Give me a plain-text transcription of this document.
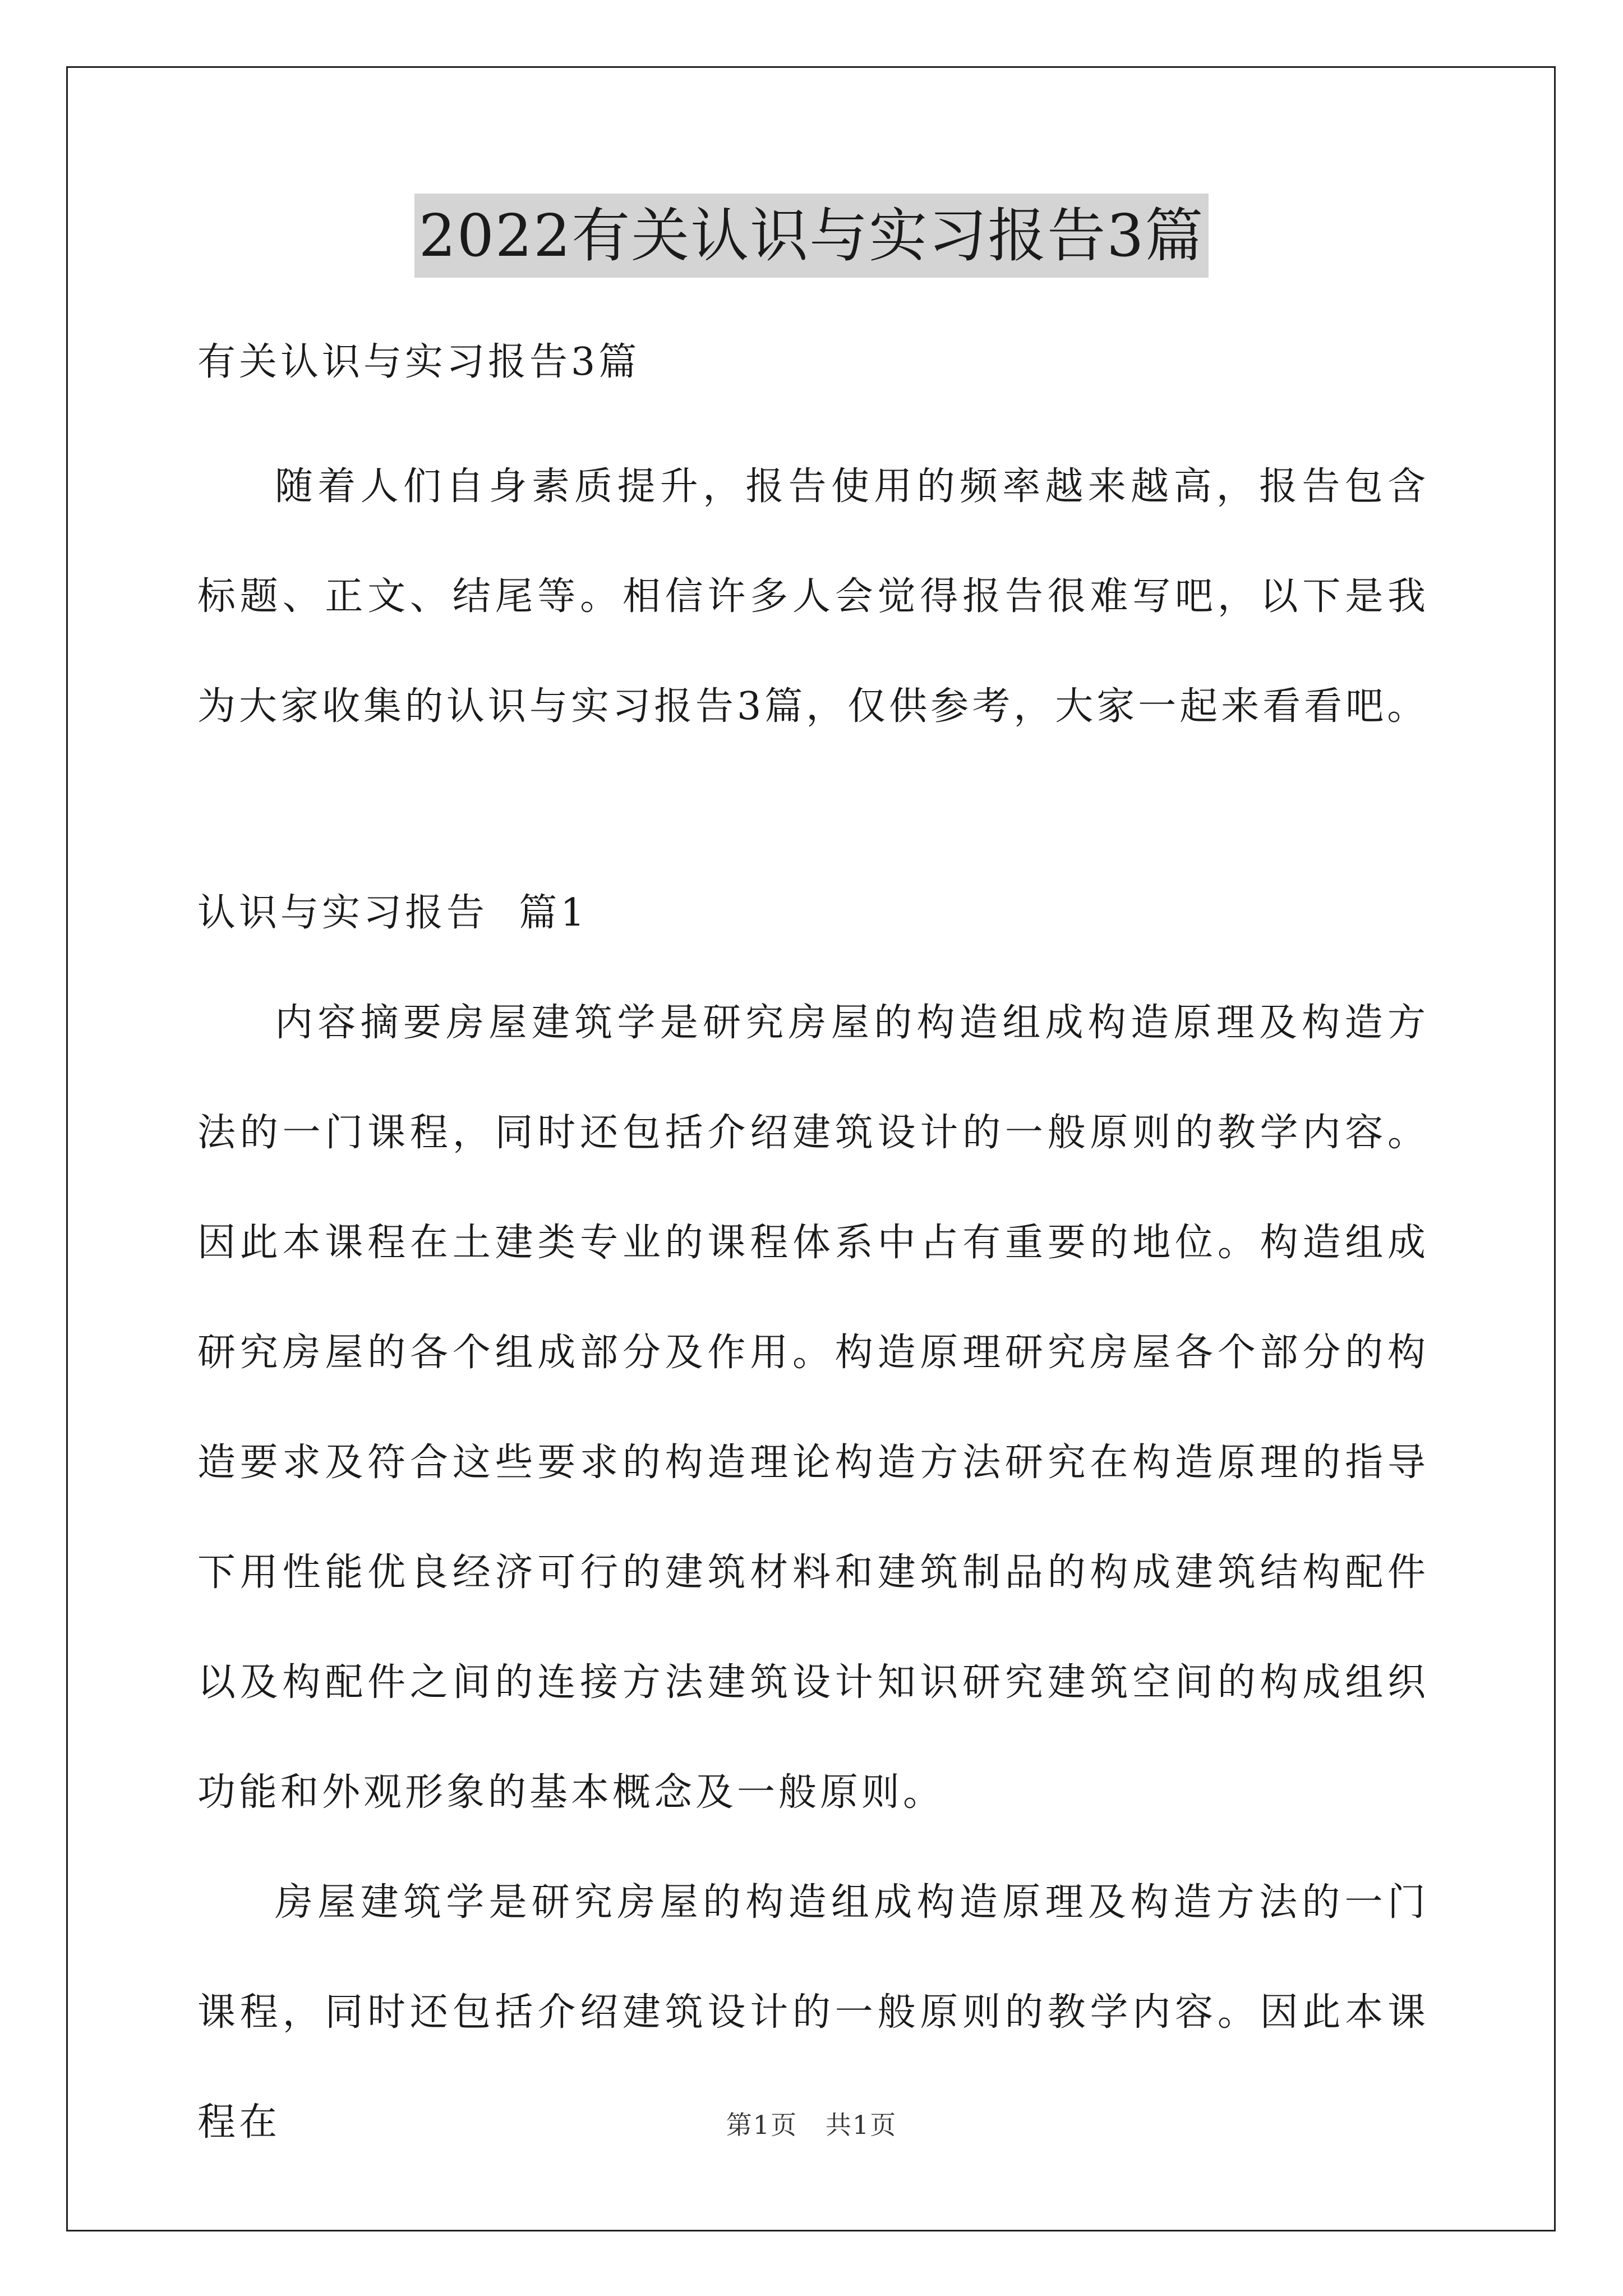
2022有关认识与实习报告3篇

有关认识与实习报告3篇

随着人们自身素质提升，报告使用的频率越来越高，报告包含标题、正文、结尾等。相信许多人会觉得报告很难写吧，以下是我为大家收集的认识与实习报告3篇，仅供参考，大家一起来看看吧。

认识与实习报告  篇1

内容摘要房屋建筑学是研究房屋的构造组成构造原理及构造方法的一门课程，同时还包括介绍建筑设计的一般原则的教学内容。因此本课程在土建类专业的课程体系中占有重要的地位。构造组成研究房屋的各个组成部分及作用。构造原理研究房屋各个部分的构造要求及符合这些要求的构造理论构造方法研究在构造原理的指导下用性能优良经济可行的建筑材料和建筑制品的构成建筑结构配件以及构配件之间的连接方法建筑设计知识研究建筑空间的构成组织功能和外观形象的基本概念及一般原则。

房屋建筑学是研究房屋的构造组成构造原理及构造方法的一门课程，同时还包括介绍建筑设计的一般原则的教学内容。因此本课程在	第1页   共1页
